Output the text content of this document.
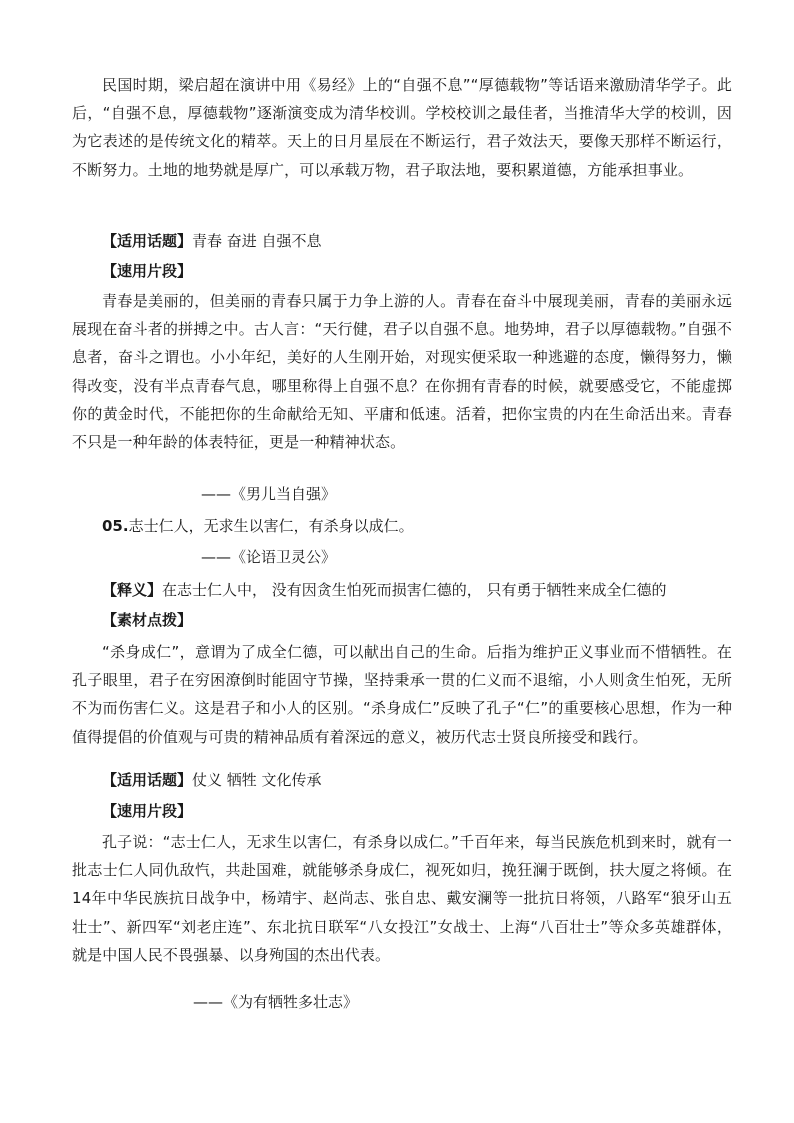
民国时期，梁启超在演讲中用《易经》上的“自强不息”“厚德载物”等话语来激励清华学子。此后，“自强不息，厚德载物”逐渐演变成为清华校训。学校校训之最佳者，当推清华大学的校训，因为它表述的是传统文化的精萃。天上的日月星辰在不断运行，君子效法天，要像天那样不断运行，不断努力。土地的地势就是厚广，可以承载万物，君子取法地，要积累道德，方能承担事业。

【适用话题】青春 奋进 自强不息

【速用片段】

青春是美丽的，但美丽的青春只属于力争上游的人。青春在奋斗中展现美丽，青春的美丽永远展现在奋斗者的拼搏之中。古人言：“天行健，君子以自强不息。地势坤，君子以厚德载物。”自强不息者，奋斗之谓也。小小年纪，美好的人生刚开始，对现实便采取一种逃避的态度，懒得努力，懒得改变，没有半点青春气息，哪里称得上自强不息？在你拥有青春的时候，就要感受它，不能虚掷你的黄金时代，不能把你的生命献给无知、平庸和低速。活着，把你宝贵的内在生命活出来。青春不只是一种年龄的体表特征，更是一种精神状态。

——《男儿当自强》

05.志士仁人，无求生以害仁，有杀身以成仁。

——《论语卫灵公》

【释义】在志士仁人中， 没有因贪生怕死而损害仁德的， 只有勇于牺牲来成全仁德的

【素材点拨】

“杀身成仁”，意谓为了成全仁德，可以献出自己的生命。后指为维护正义事业而不惜牺牲。在孔子眼里，君子在穷困潦倒时能固守节操，坚持秉承一贯的仁义而不退缩，小人则贪生怕死，无所不为而伤害仁义。这是君子和小人的区别。“杀身成仁”反映了孔子“仁”的重要核心思想，作为一种值得提倡的价值观与可贵的精神品质有着深远的意义，被历代志士贤良所接受和践行。

【适用话题】仗义 牺牲 文化传承

【速用片段】

孔子说：“志士仁人，无求生以害仁，有杀身以成仁。”千百年来，每当民族危机到来时，就有一批志士仁人同仇敌忾，共赴国难，就能够杀身成仁，视死如归，挽狂澜于既倒，扶大厦之将倾。在14年中华民族抗日战争中，杨靖宇、赵尚志、张自忠、戴安澜等一批抗日将领，八路军“狼牙山五壮士”、新四军“刘老庄连”、东北抗日联军“八女投江”女战士、上海“八百壮士”等众多英雄群体，就是中国人民不畏强暴、以身殉国的杰出代表。

——《为有牺牲多壮志》
